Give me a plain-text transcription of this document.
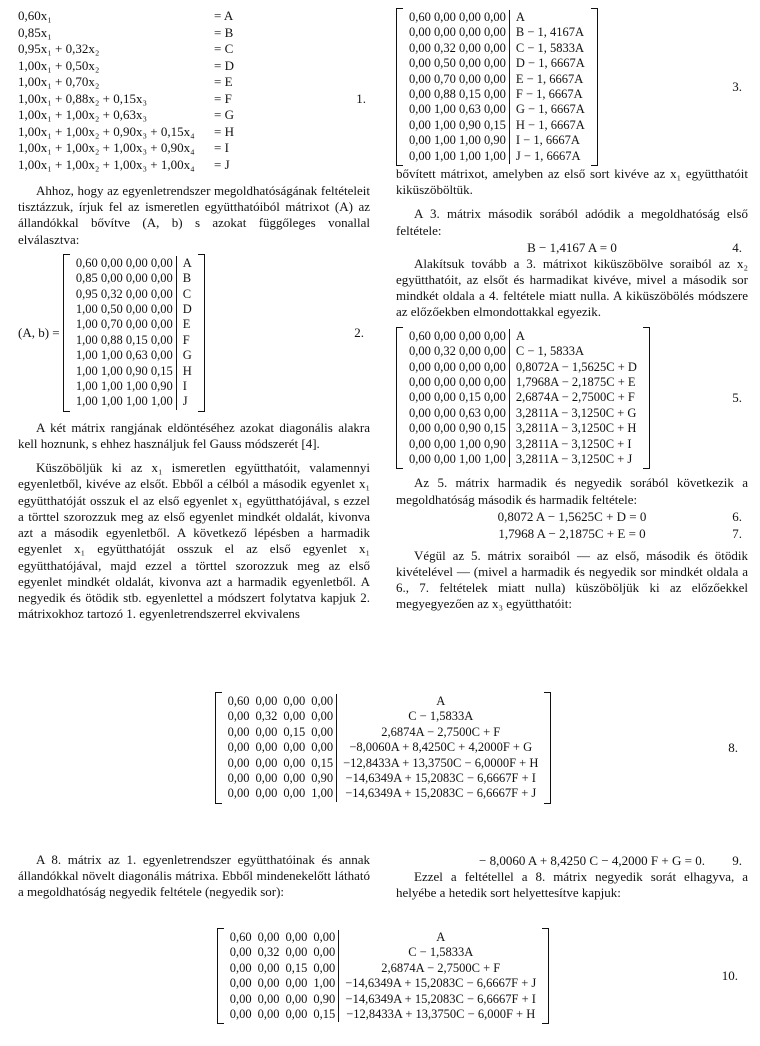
0,60x₁	= A
0,85x₁	= B
0,95x₁ + 0,32x₂	= C
1,00x₁ + 0,50x₂	= D
1,00x₁ + 0,70x₂	= E
1,00x₁ + 0,88x₂ + 0,15x₃	= F	1.
1,00x₁ + 1,00x₂ + 0,63x₃	= G
1,00x₁ + 1,00x₂ + 0,90x₃ + 0,15x₄ = H
1,00x₁ + 1,00x₂ + 1,00x₃ + 0,90x₄ = I
1,00x₁ + 1,00x₂ + 1,00x₃ + 1,00x₄ = J

Ahhoz, hogy az egyenletrendszer megoldhatóságának feltételeit tisztázzuk, írjuk fel az ismeretlen együtthatóiból mátrixot (A) az állandókkal bővítve (A, b) s azokat függőleges vonallal elválasztva:

(A, b) =
0,60 0,00 0,00 0,00	A
0,85 0,00 0,00 0,00	B
0,95 0,32 0,00 0,00	C
1,00 0,50 0,00 0,00	D
1,00 0,70 0,00 0,00	E
1,00 0,88 0,15 0,00	F
1,00 1,00 0,63 0,00	G
1,00 1,00 0,90 0,15	H
1,00 1,00 1,00 0,90	I
1,00 1,00 1,00 1,00	J
2.

A két mátrix rangjának eldöntéséhez azokat diagonális alakra kell hoznunk, s ehhez használjuk fel Gauss módszerét [4].

Küszöböljük ki az x₁ ismeretlen együtthatóit, valamennyi egyenletből, kivéve az elsőt. Ebből a célból a második egyenlet x₁ együtthatóját osszuk el az első egyenlet x₁ együtthatójával, s ezzel a törttel szorozzuk meg az első egyenlet mindkét oldalát, kivonva azt a második egyenletből. A következő lépésben a harmadik egyenlet x₁ együtthatóját osszuk el az első egyenlet x₁ együtthatójával, majd ezzel a törttel szorozzuk meg az első egyenlet mindkét oldalát, kivonva azt a harmadik egyenletből. A negyedik és ötödik stb. egyenlettel a módszert folytatva kapjuk 2. mátrixokhoz tartozó 1. egyenletrendszerrel ekvivalens

0,60 0,00 0,00 0,00	A
0,00 0,00 0,00 0,00	B − 1, 4167A
0,00 0,32 0,00 0,00	C − 1, 5833A
0,00 0,50 0,00 0,00	D − 1, 6667A
0,00 0,70 0,00 0,00	E − 1, 6667A
0,00 0,88 0,15 0,00	F − 1, 6667A
0,00 1,00 0,63 0,00	G − 1, 6667A
0,00 1,00 0,90 0,15	H − 1, 6667A
0,00 1,00 1,00 0,90	I − 1, 6667A
0,00 1,00 1,00 1,00	J − 1, 6667A
3.

bővített mátrixot, amelyben az első sort kivéve az x₁ együtthatóit kiküszöböltük.

A 3. mátrix második sorából adódik a megoldhatóság első feltétele:

B − 1,4167 A = 0	4.

Alakítsuk tovább a 3. mátrixot kiküszöbölve soraiból az x₂ együtthatóit, az elsőt és harmadikat kivéve, mivel a második sor mindkét oldala a 4. feltétele miatt nulla. A kiküszöbölés módszere az előzőekben elmondottakkal egyezik.

0,60 0,00 0,00 0,00	A
0,00 0,32 0,00 0,00	C − 1, 5833A
0,00 0,00 0,00 0,00	0,8072A − 1,5625C + D
0,00 0,00 0,00 0,00	1,7968A − 2,1875C + E
0,00 0,00 0,15 0,00	2,6874A − 2,7500C + F
0,00 0,00 0,63 0,00	3,2811A − 3,1250C + G
0,00 0,00 0,90 0,15	3,2811A − 3,1250C + H
0,00 0,00 1,00 0,90	3,2811A − 3,1250C + I
0,00 0,00 1,00 1,00	3,2811A − 3,1250C + J
5.

Az 5. mátrix harmadik és negyedik sorából következik a megoldhatóság második és harmadik feltétele:

0,8072 A − 1,5625C + D = 0	6.
1,7968 A − 2,1875C + E = 0	7.

Végül az 5. mátrix soraiból — az első, második és ötödik kivételével — (mivel a harmadik és negyedik sor mindkét oldala a 6., 7. feltételek miatt nulla) küszöböljük ki az előzőekkel megyegyezően az x₃ együtthatóit:

0,60	0,00	0,00	0,00	A
0,00	0,32	0,00	0,00	C − 1,5833A
0,00	0,00	0,15	0,00	2,6874A − 2,7500C + F
0,00	0,00	0,00	0,00	−8,0060A + 8,4250C + 4,2000F + G
0,00	0,00	0,00	0,15	−12,8433A + 13,3750C − 6,0000F + H
0,00	0,00	0,00	0,90	−14,6349A + 15,2083C − 6,6667F + I
0,00	0,00	0,00	1,00	−14,6349A + 15,2083C − 6,6667F + J
8.

A 8. mátrix az 1. egyenletrendszer együtthatóinak és annak állandókkal növelt diagonális mátrixa. Ebből mindenekelőtt látható a megoldhatóság negyedik feltétele (negyedik sor):

− 8,0060 A + 8,4250 C − 4,2000 F + G = 0.	9.

Ezzel a feltétellel a 8. mátrix negyedik sorát elhagyva, a helyébe a hetedik sort helyettesítve kapjuk:

0,60	0,00	0,00	0,00	A
0,00	0,32	0,00	0,00	C − 1,5833A
0,00	0,00	0,15	0,00	2,6874A − 2,7500C + F
0,00	0,00	0,00	1,00	−14,6349A + 15,2083C − 6,6667F + J
0,00	0,00	0,00	0,90	−14,6349A + 15,2083C − 6,6667F + I
0,00	0,00	0,00	0,15	−12,8433A + 13,3750C − 6,000F + H
10.
